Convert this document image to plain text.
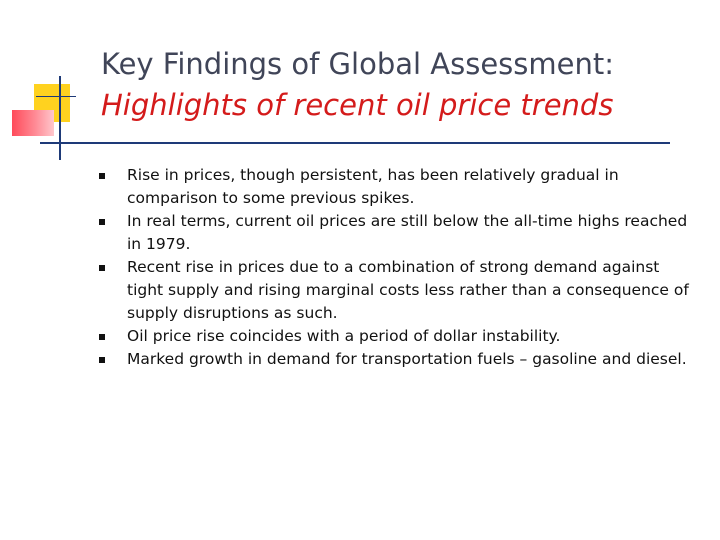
Key Findings of Global Assessment:
Highlights of recent oil price trends
Rise in prices, though persistent, has been relatively gradual in comparison to some previous spikes.
In real terms, current oil prices are still below the all-time highs reached in 1979.
Recent rise in prices due to a combination of strong demand against tight supply and rising marginal costs less rather than a consequence of supply disruptions as such.
Oil price rise coincides with a period of dollar instability.
Marked growth in demand for transportation fuels – gasoline and diesel.
